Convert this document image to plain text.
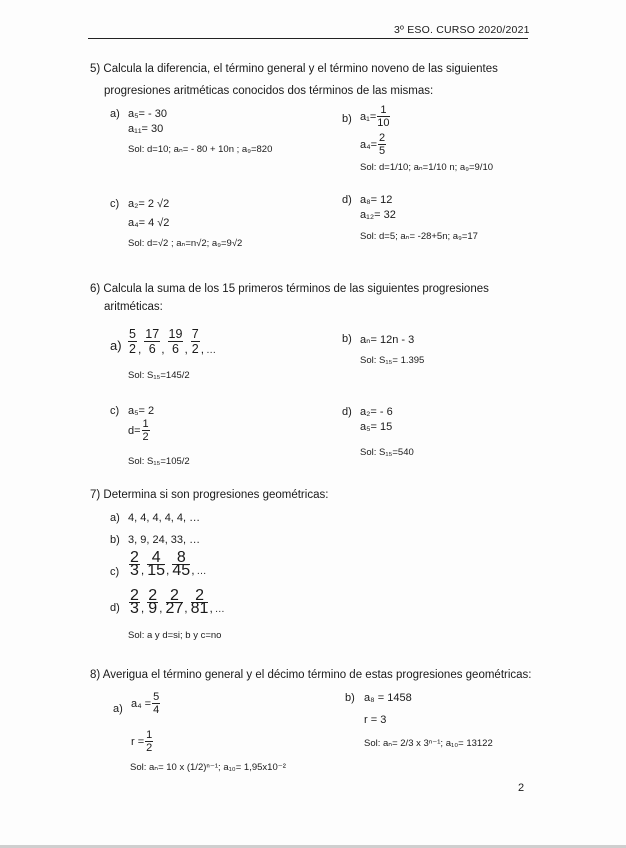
3º ESO. CURSO 2020/2021
5) Calcula la diferencia, el término general y el término noveno de las siguientes
progresiones aritméticas conocidos dos términos de las mismas:
a) a₅= - 30
a₁₁= 30
Sol: d=10; aₙ= - 80 + 10n ; a₉=820
b) $a_1= \frac{1}{10}$
$a_4= \frac{2}{5}$
Sol: d=1/10; aₙ=1/10 n; a₉=9/10
c) a₂= 2 √2
a₄= 4 √2
Sol: d=√2 ; aₙ=n√2; a₉=9√2
d) a₈= 12
a₁₂= 32
Sol: d=5; aₙ= -28+5n; a₉=17
6) Calcula la suma de los 15 primeros términos de las siguientes progresiones
aritméticas:
$a) \frac{5}{2}$ , $\frac{17}{6}$ , $\frac{19}{6}$ , $\frac{7}{2}$ , …
Sol: S₁₅=145/2
b) aₙ= 12n - 3
Sol: S₁₅= 1.395
c) a₅= 2
$d= \frac{1}{2}$
Sol: S₁₅=105/2
d) a₂= - 6
a₅= 15
Sol: S₁₅=540
7) Determina si son progresiones geométricas:
a) 4, 4, 4, 4, 4, …
b) 3, 9, 24, 33, …
$c) \frac{2}{3}$ , $\frac{4}{15}$ , $\frac{8}{45}$ , …
$d) \frac{2}{3}$ , $\frac{2}{9}$ , $\frac{2}{27}$ , $\frac{2}{81}$ , …
Sol: a y d=si; b y c=no
8) Averigua el término general y el décimo término de estas progresiones geométricas:
a) $a_4 = \frac{5}{4}$
$r = \frac{1}{2}$
Sol: aₙ= 10 x (1/2)ⁿ⁻¹; a₁₀= 1,95x10⁻²
b) a₈ = 1458
r = 3
Sol: aₙ= 2/3 x 3ⁿ⁻¹; a₁₀= 13122
2
